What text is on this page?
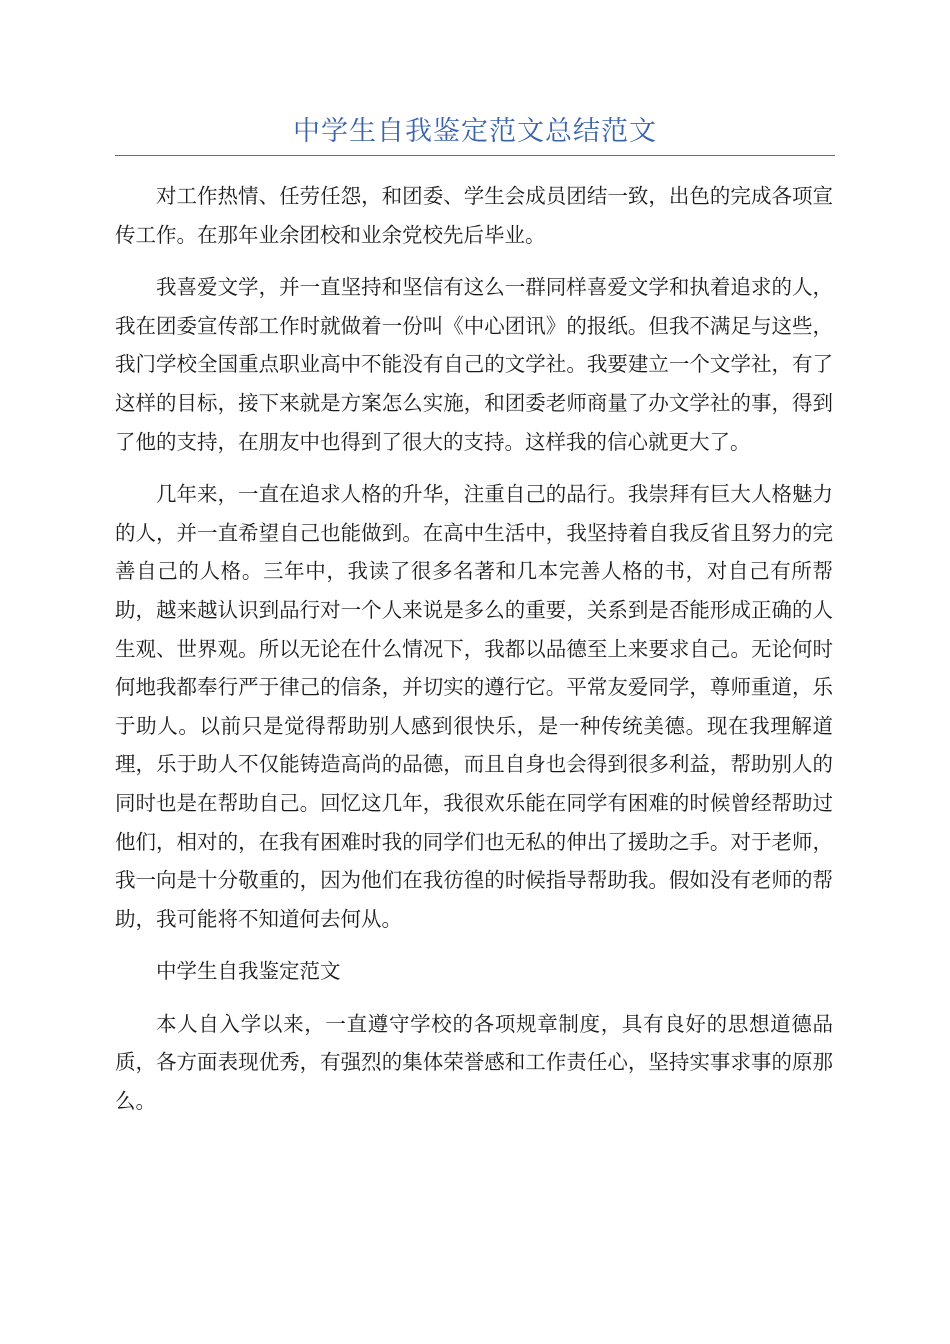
中学生自我鉴定范文总结范文

对工作热情、任劳任怨，和团委、学生会成员团结一致，出色的完成各项宣传工作。在那年业余团校和业余党校先后毕业。

我喜爱文学，并一直坚持和坚信有这么一群同样喜爱文学和执着追求的人，我在团委宣传部工作时就做着一份叫《中心团讯》的报纸。但我不满足与这些，我门学校全国重点职业高中不能没有自己的文学社。我要建立一个文学社，有了这样的目标，接下来就是方案怎么实施，和团委老师商量了办文学社的事，得到了他的支持，在朋友中也得到了很大的支持。这样我的信心就更大了。

几年来，一直在追求人格的升华，注重自己的品行。我崇拜有巨大人格魅力的人，并一直希望自己也能做到。在高中生活中，我坚持着自我反省且努力的完善自己的人格。三年中，我读了很多名著和几本完善人格的书，对自己有所帮助，越来越认识到品行对一个人来说是多么的重要，关系到是否能形成正确的人生观、世界观。所以无论在什么情况下，我都以品德至上来要求自己。无论何时何地我都奉行严于律己的信条，并切实的遵行它。平常友爱同学，尊师重道，乐于助人。以前只是觉得帮助别人感到很快乐，是一种传统美德。现在我理解道理，乐于助人不仅能铸造高尚的品德，而且自身也会得到很多利益，帮助别人的同时也是在帮助自己。回忆这几年，我很欢乐能在同学有困难的时候曾经帮助过他们，相对的，在我有困难时我的同学们也无私的伸出了援助之手。对于老师，我一向是十分敬重的，因为他们在我彷徨的时候指导帮助我。假如没有老师的帮助，我可能将不知道何去何从。

中学生自我鉴定范文

本人自入学以来，一直遵守学校的各项规章制度，具有良好的思想道德品质，各方面表现优秀，有强烈的集体荣誉感和工作责任心，坚持实事求事的原那么。
